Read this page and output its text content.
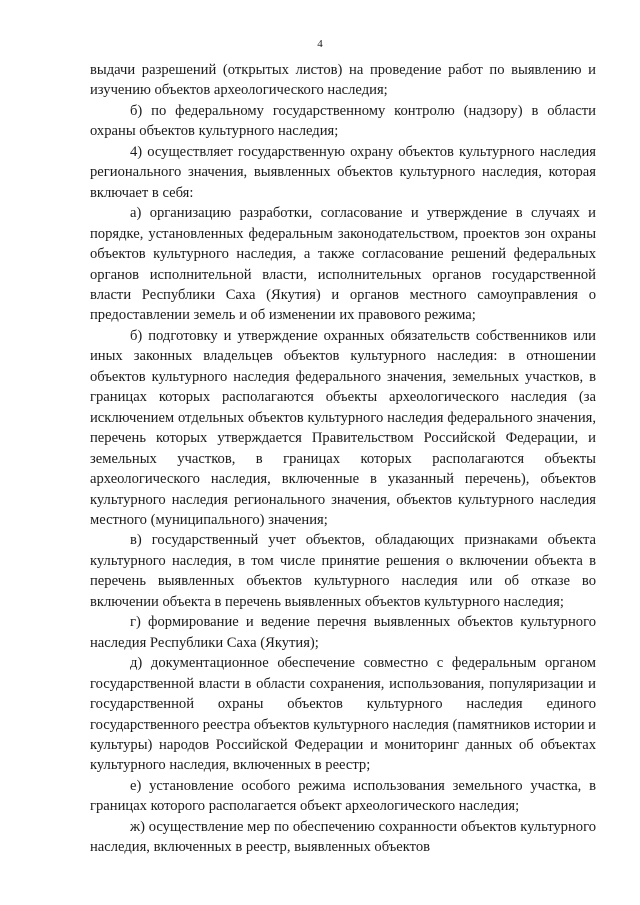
4

выдачи разрешений (открытых листов) на проведение работ по выявлению и изучению объектов археологического наследия;

б) по федеральному государственному контролю (надзору) в области охраны объектов культурного наследия;

4) осуществляет государственную охрану объектов культурного наследия регионального значения, выявленных объектов культурного наследия, которая включает в себя:

а) организацию разработки, согласование и утверждение в случаях и порядке, установленных федеральным законодательством, проектов зон охраны объектов культурного наследия, а также согласование решений федеральных органов исполнительной власти, исполнительных органов государственной власти Республики Саха (Якутия) и органов местного самоуправления о предоставлении земель и об изменении их правового режима;

б) подготовку и утверждение охранных обязательств собственников или иных законных владельцев объектов культурного наследия: в отношении объектов культурного наследия федерального значения, земельных участков, в границах которых располагаются объекты археологического наследия (за исключением отдельных объектов культурного наследия федерального значения, перечень которых утверждается Правительством Российской Федерации, и земельных участков, в границах которых располагаются объекты археологического наследия, включенные в указанный перечень), объектов культурного наследия регионального значения, объектов культурного наследия местного (муниципального) значения;

в) государственный учет объектов, обладающих признаками объекта культурного наследия, в том числе принятие решения о включении объекта в перечень выявленных объектов культурного наследия или об отказе во включении объекта в перечень выявленных объектов культурного наследия;

г) формирование и ведение перечня выявленных объектов культурного наследия Республики Саха (Якутия);

д) документационное обеспечение совместно с федеральным органом государственной власти в области сохранения, использования, популяризации и государственной охраны объектов культурного наследия единого государственного реестра объектов культурного наследия (памятников истории и культуры) народов Российской Федерации и мониторинг данных об объектах культурного наследия, включенных в реестр;

е) установление особого режима использования земельного участка, в границах которого располагается объект археологического наследия;

ж) осуществление мер по обеспечению сохранности объектов культурного наследия, включенных в реестр, выявленных объектов
